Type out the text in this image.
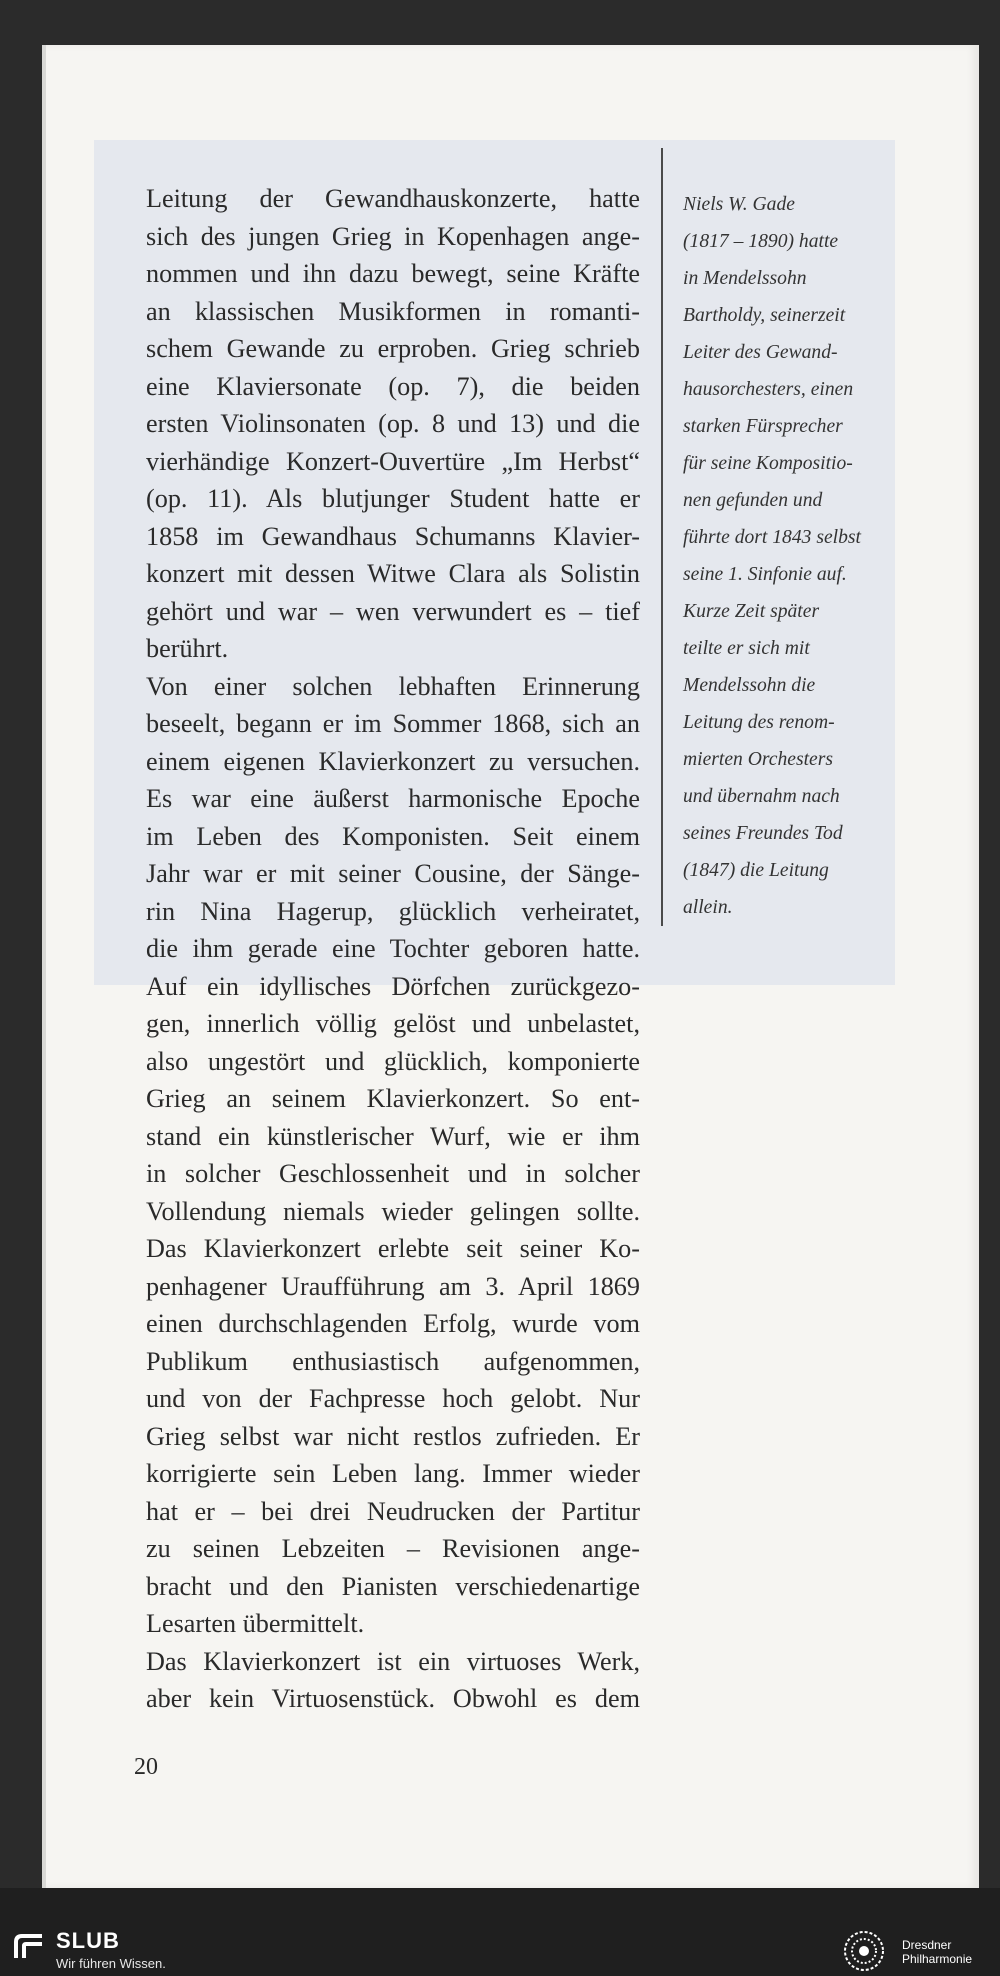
Leitung der Gewandhauskonzerte, hatte

sich des jungen Grieg in Kopenhagen ange-

nommen und ihn dazu bewegt, seine Kräfte

an klassischen Musikformen in romanti-

schem Gewande zu erproben. Grieg schrieb

eine Klaviersonate (op. 7), die beiden

ersten Violinsonaten (op. 8 und 13) und die

vierhändige Konzert-Ouvertüre „Im Herbst“

(op. 11). Als blutjunger Student hatte er

1858 im Gewandhaus Schumanns Klavier-

konzert mit dessen Witwe Clara als Solistin

gehört und war – wen verwundert es – tief

berührt.

Von einer solchen lebhaften Erinnerung

beseelt, begann er im Sommer 1868, sich an

einem eigenen Klavierkonzert zu versuchen.

Es war eine äußerst harmonische Epoche

im Leben des Komponisten. Seit einem

Jahr war er mit seiner Cousine, der Sänge-

rin Nina Hagerup, glücklich verheiratet,

die ihm gerade eine Tochter geboren hatte.

Auf ein idyllisches Dörfchen zurückgezo-

gen, innerlich völlig gelöst und unbelastet,

also ungestört und glücklich, komponierte

Grieg an seinem Klavierkonzert. So ent-

stand ein künstlerischer Wurf, wie er ihm

in solcher Geschlossenheit und in solcher

Vollendung niemals wieder gelingen sollte.

Das Klavierkonzert erlebte seit seiner Ko-

penhagener Uraufführung am 3. April 1869

einen durchschlagenden Erfolg, wurde vom

Publikum enthusiastisch aufgenommen,

und von der Fachpresse hoch gelobt. Nur

Grieg selbst war nicht restlos zufrieden. Er

korrigierte sein Leben lang. Immer wieder

hat er – bei drei Neudrucken der Partitur

zu seinen Lebzeiten – Revisionen ange-

bracht und den Pianisten verschiedenartige

Lesarten übermittelt.

Das Klavierkonzert ist ein virtuoses Werk,

aber kein Virtuosenstück. Obwohl es dem

Niels W. Gade
(1817 – 1890) hatte
in Mendelssohn
Bartholdy, seinerzeit
Leiter des Gewand-
hausorchesters, einen
starken Fürsprecher
für seine Kompositio-
nen gefunden und
führte dort 1843 selbst
seine 1. Sinfonie auf.
Kurze Zeit später
teilte er sich mit
Mendelssohn die
Leitung des renom-
mierten Orchesters
und übernahm nach
seines Freundes Tod
(1847) die Leitung
allein.
20
SLUB
Wir führen Wissen.
Dresdner
Philharmonie
